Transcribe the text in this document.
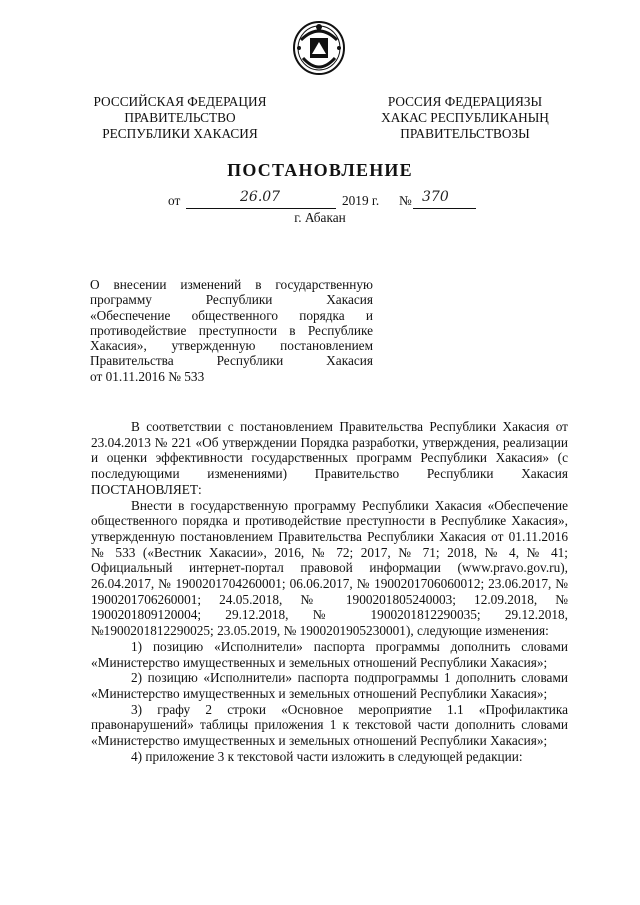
РОССИЙСКАЯ ФЕДЕРАЦИЯ
ПРАВИТЕЛЬСТВО
РЕСПУБЛИКИ ХАКАСИЯ
РОССИЯ ФЕДЕРАЦИЯЗЫ
ХАКАС РЕСПУБЛИКАНЫҢ
ПРАВИТЕЛЬСТВОЗЫ
ПОСТАНОВЛЕНИЕ
от	26.07	2019 г. № 370
г. Абакан
О внесении изменений в государственную
программу Республики Хакасия
«Обеспечение общественного порядка и
противодействие преступности в Республике
Хакасия», утвержденную постановлением
Правительства Республики Хакасия
от 01.11.2016 № 533

В соответствии с постановлением Правительства Республики Хакасия от 23.04.2013 № 221 «Об утверждении Порядка разработки, утверждения, реализации и оценки эффективности государственных программ Республики Хакасия» (с последующими изменениями) Правительство Республики Хакасия ПОСТАНОВЛЯЕТ:

Внести в государственную программу Республики Хакасия «Обеспечение общественного порядка и противодействие преступности в Республике Хакасия», утвержденную постановлением Правительства Республики Хакасия от 01.11.2016 № 533 («Вестник Хакасии», 2016, № 72; 2017, № 71; 2018, № 4, № 41; Официальный интернет-портал правовой информации (www.pravo.gov.ru), 26.04.2017, № 1900201704260001; 06.06.2017, № 1900201706060012; 23.06.2017, № 1900201706260001; 24.05.2018, № 1900201805240003; 12.09.2018, № 1900201809120004; 29.12.2018, № 1900201812290035; 29.12.2018, №1900201812290025; 23.05.2019, № 1900201905230001), следующие изменения:

1) позицию «Исполнители» паспорта программы дополнить словами «Министерство имущественных и земельных отношений Республики Хакасия»;

2) позицию «Исполнители» паспорта подпрограммы 1 дополнить словами «Министерство имущественных и земельных отношений Республики Хакасия»;

3) графу 2 строки «Основное мероприятие 1.1 «Профилактика правонарушений» таблицы приложения 1 к текстовой части дополнить словами «Министерство имущественных и земельных отношений Республики Хакасия»;

4) приложение 3 к текстовой части изложить в следующей редакции:
